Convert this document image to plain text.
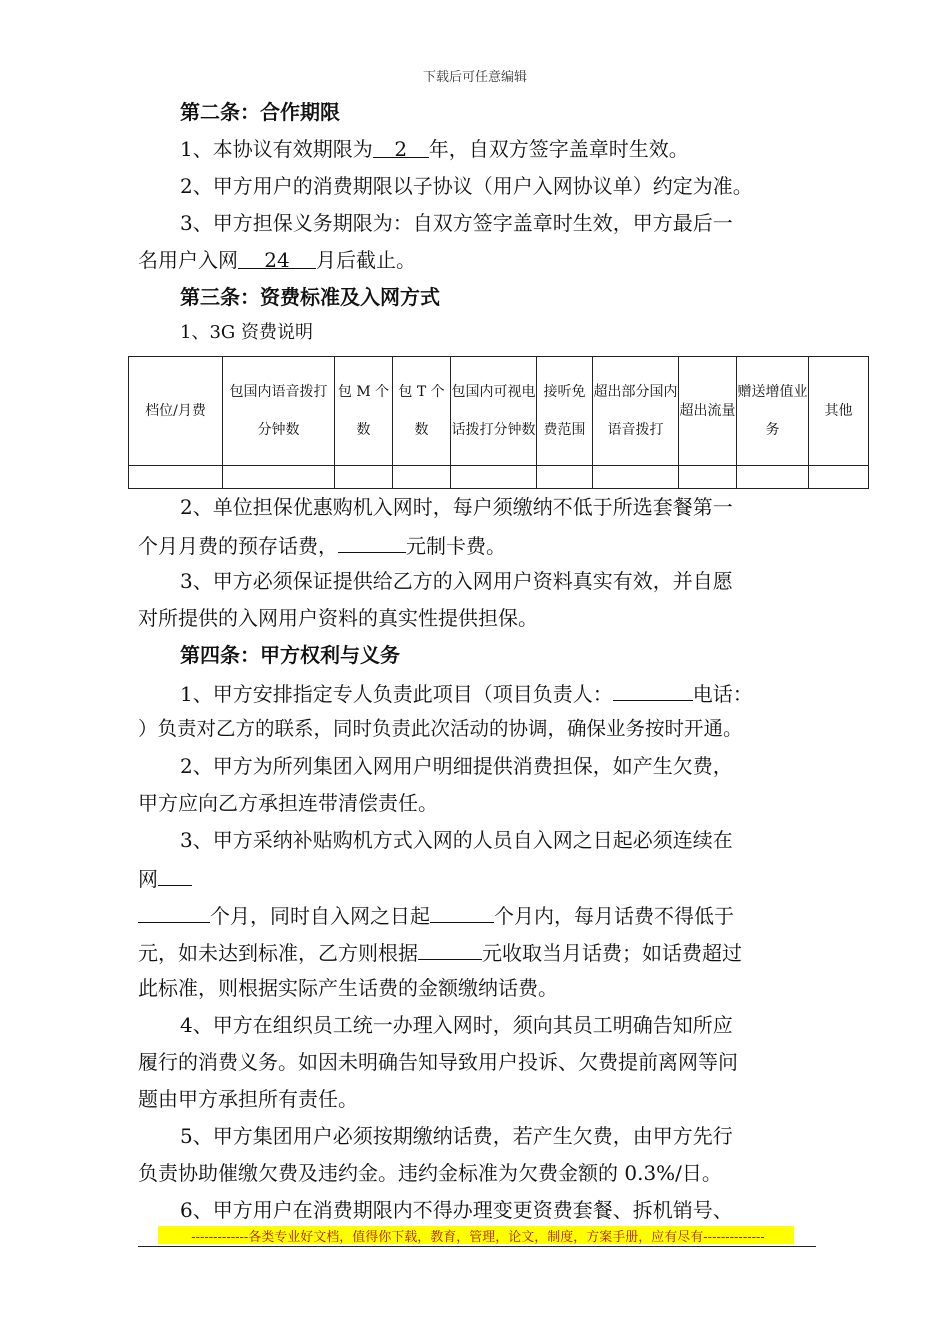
下载后可任意编辑
第二条：合作期限
1、本协议有效期限为 2 年，自双方签字盖章时生效。
2、甲方用户的消费期限以子协议（用户入网协议单）约定为准。
3、甲方担保义务期限为：自双方签字盖章时生效，甲方最后一
名用户入网 24 月后截止。
第三条：资费标准及入网方式
1、3G 资费说明
档位/月费	包国内语音拨打分钟数	包 M 个数	包 T 个数	包国内可视电话拨打分钟数	接听免费范围	超出部分国内语音拨打	超出流量	赠送增值业务	其他

2、单位担保优惠购机入网时，每户须缴纳不低于所选套餐第一
个月月费的预存话费，	元制卡费。
3、甲方必须保证提供给乙方的入网用户资料真实有效，并自愿
对所提供的入网用户资料的真实性提供担保。
第四条：甲方权利与义务
1、甲方安排指定专人负责此项目（项目负责人：	电话：
）负责对乙方的联系，同时负责此次活动的协调，确保业务按时开通。
2、甲方为所列集团入网用户明细提供消费担保，如产生欠费，
甲方应向乙方承担连带清偿责任。
3、甲方采纳补贴购机方式入网的人员自入网之日起必须连续在
网
个月，同时自入网之日起	个月内，每月话费不得低于
元，如未达到标准，乙方则根据	元收取当月话费；如话费超过
此标准，则根据实际产生话费的金额缴纳话费。
4、甲方在组织员工统一办理入网时，须向其员工明确告知所应
履行的消费义务。如因未明确告知导致用户投诉、欠费提前离网等问
题由甲方承担所有责任。
5、甲方集团用户必须按期缴纳话费，若产生欠费，由甲方先行
负责协助催缴欠费及违约金。违约金标准为欠费金额的 0.3%/日。
6、甲方用户在消费期限内不得办理变更资费套餐、拆机销号、
-------------各类专业好文档，值得你下载，教育，管理，论文，制度，方案手册，应有尽有--------------
